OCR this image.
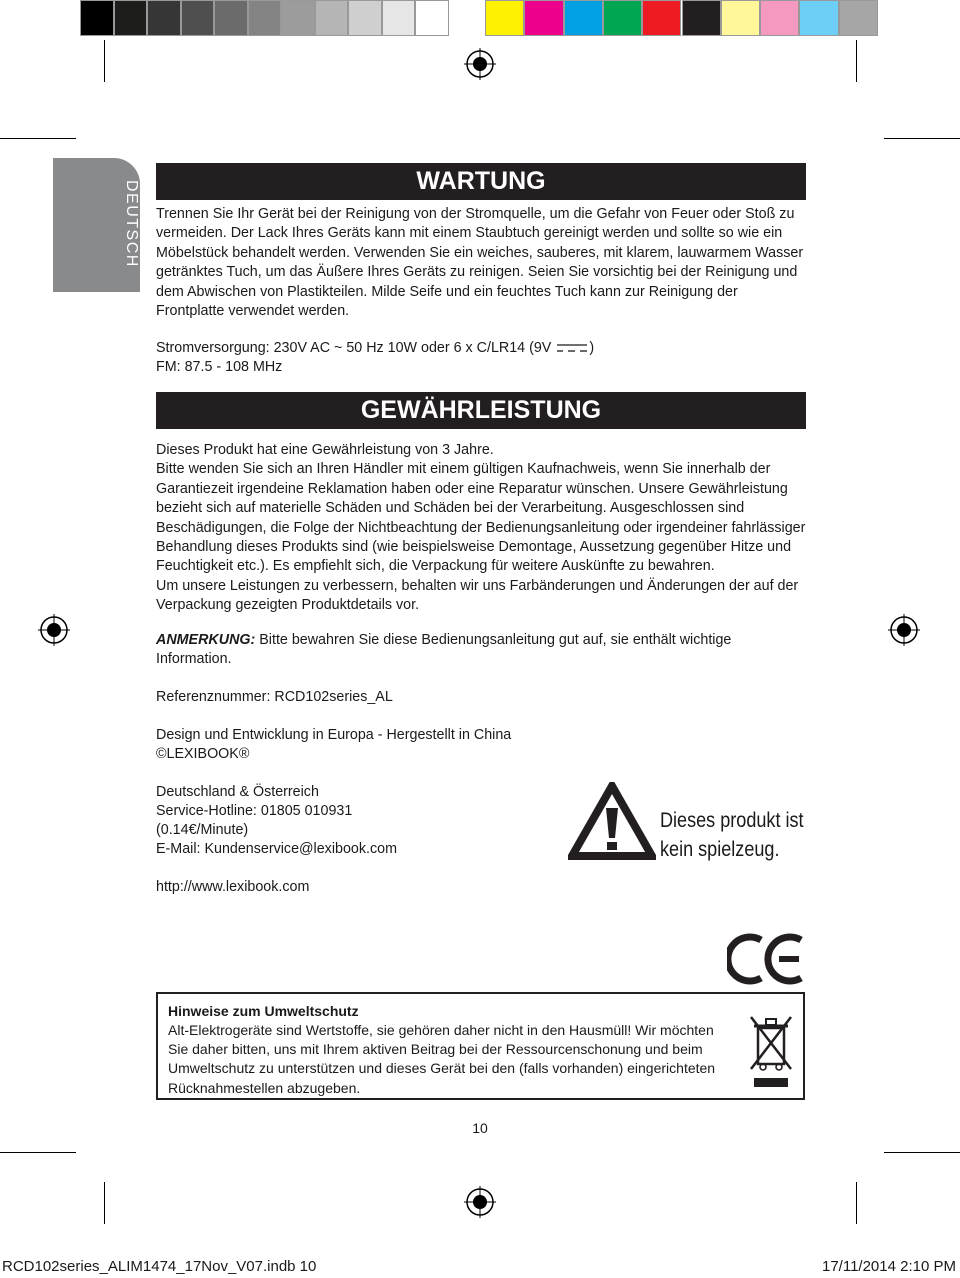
DEUTSCH	WARTUNG

Trennen Sie Ihr Gerät bei der Reinigung von der Stromquelle, um die Gefahr von Feuer oder Stoß zu vermeiden. Der Lack Ihres Geräts kann mit einem Staubtuch gereinigt werden und sollte so wie ein Möbelstück behandelt werden. Verwenden Sie ein weiches, sauberes, mit klarem, lauwarmem Wasser getränktes Tuch, um das Äußere Ihres Geräts zu reinigen. Seien Sie vorsichtig bei der Reinigung und dem Abwischen von Plastikteilen. Milde Seife und ein feuchtes Tuch kann zur Reinigung der Frontplatte verwendet werden.

Stromversorgung: 230V AC ~ 50 Hz 10W oder 6 x C/LR14 (9V	)
FM: 87.5 - 108 MHz
GEWÄHRLEISTUNG

Dieses Produkt hat eine Gewährleistung von 3 Jahre.
Bitte wenden Sie sich an Ihren Händler mit einem gültigen Kaufnachweis, wenn Sie innerhalb der Garantiezeit irgendeine Reklamation haben oder eine Reparatur wünschen. Unsere Gewährleistung bezieht sich auf materielle Schäden und Schäden bei der Verarbeitung. Ausgeschlossen sind Beschädigungen, die Folge der Nichtbeachtung der Bedienungsanleitung oder irgendeiner fahrlässiger Behandlung dieses Produkts sind (wie beispielsweise Demontage, Aussetzung gegenüber Hitze und Feuchtigkeit etc.). Es empfiehlt sich, die Verpackung für weitere Auskünfte zu bewahren.
Um unsere Leistungen zu verbessern, behalten wir uns Farbänderungen und Änderungen der auf der Verpackung gezeigten Produktdetails vor.

ANMERKUNG: Bitte bewahren Sie diese Bedienungsanleitung gut auf, sie enthält wichtige Information.

Referenznummer: RCD102series_AL
Design und Entwicklung in Europa - Hergestellt in China
©LEXIBOOK®
Deutschland & Österreich
Service-Hotline: 01805 010931
(0.14€/Minute)
E-Mail: Kundenservice@lexibook.com
http://www.lexibook.com
Dieses produkt ist
kein spielzeug.
Hinweise zum Umweltschutz

Alt-Elektrogeräte sind Wertstoffe, sie gehören daher nicht in den Hausmüll! Wir möchten Sie daher bitten, uns mit Ihrem aktiven Beitrag bei der Ressourcenschonung und beim Umweltschutz zu unterstützen und dieses Gerät bei den (falls vorhanden) eingerichteten Rücknahmestellen abzugeben.

10
RCD102series_ALIM1474_17Nov_V07.indb 10	17/11/2014 2:10 PM
